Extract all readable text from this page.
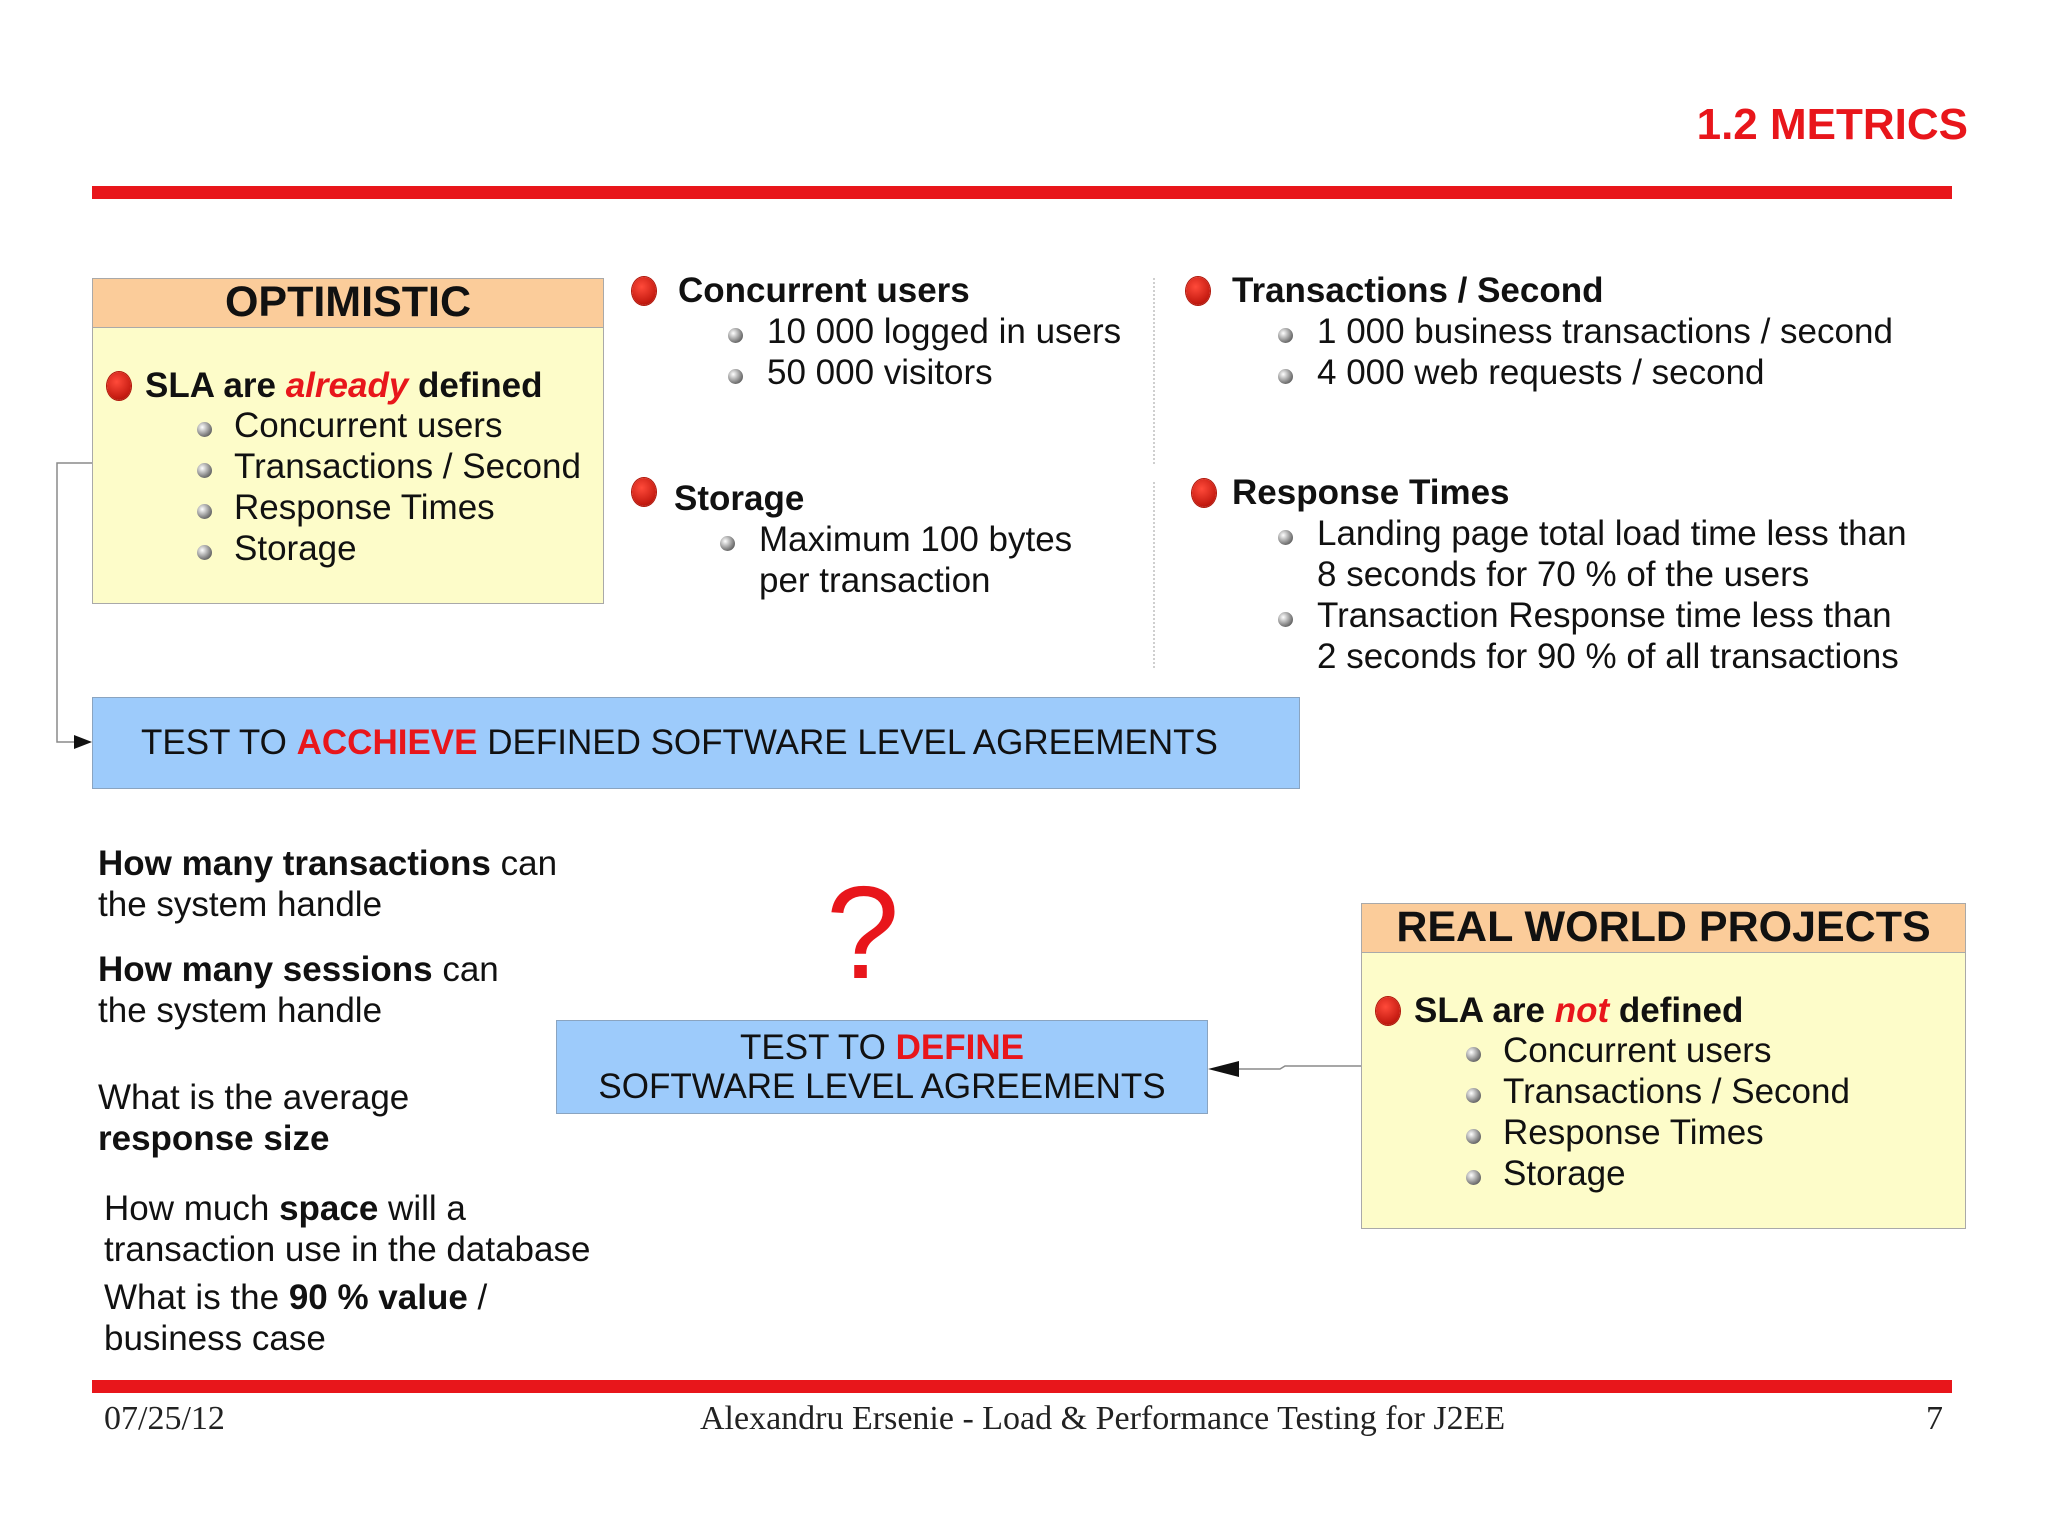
1.2 METRICS
OPTIMISTIC
SLA are already defined
Concurrent users
Transactions / Second
Response Times
Storage
Concurrent users
10 000 logged in users
50 000 visitors
Transactions / Second
1 000 business transactions / second
4 000 web requests / second
Storage
Maximum 100 bytes
per transaction
Response Times
Landing page total load time less than
8 seconds for 70 % of the users
Transaction Response time less than
2 seconds for 90 % of all transactions
TEST TO ACCHIEVE DEFINED SOFTWARE LEVEL AGREEMENTS
How many transactions can
the system handle
How many sessions can
the system handle
What is the average
response size
How much space will a
transaction use in the database
What is the 90 % value /
business case
?
TEST TO DEFINE
SOFTWARE LEVEL AGREEMENTS
REAL WORLD PROJECTS
SLA are not defined
Concurrent users
Transactions / Second
Response Times
Storage
07/25/12	Alexandru Ersenie - Load & Performance Testing for J2EE	7
